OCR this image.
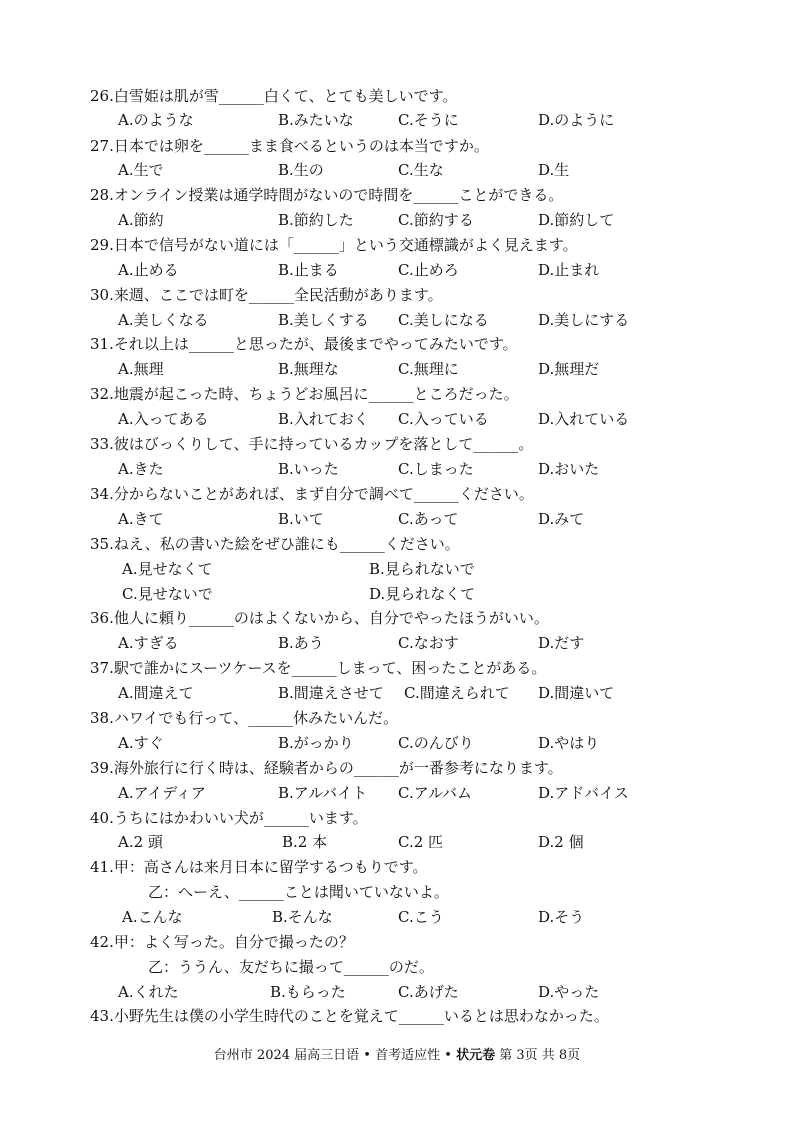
26.白雪姫は肌が雪______白くて、とても美しいです。
A.のような	B.みたいな	C.そうに	D.のように
27.日本では卵を______まま食べるというのは本当ですか。
A.生で	B.生の	C.生な	D.生
28.オンライン授業は通学時間がないので時間を______ことができる。
A.節約	B.節約した	C.節約する	D.節約して
29.日本で信号がない道には「______」という交通標識がよく見えます。
A.止める	B.止まる	C.止めろ	D.止まれ
30.来週、ここでは町を______全民活動があります。
A.美しくなる	B.美しくする C.美しになる	D.美しにする
31.それ以上は______と思ったが、最後までやってみたいです。
A.無理	B.無理な	C.無理に	D.無理だ
32.地震が起こった時、ちょうどお風呂に______ところだった。
A.入ってある	B.入れておく C.入っている	D.入れている
33.彼はびっくりして、手に持っているカップを落として______。
A.きた	B.いった	C.しまった	D.おいた
34.分からないことがあれば、まず自分で調べて______ください。
A.きて	B.いて	C.あって	D.みて
35.ねえ、私の書いた絵をぜひ誰にも______ください。
A.見せなくて	B.見られないで
C.見せないで	D.見られなくて
36.他人に頼り______のはよくないから、自分でやったほうがいい。
A.すぎる	B.あう	C.なおす	D.だす
37.駅で誰かにスーツケースを______しまって、困ったことがある。
A.間違えて	B.間違えさせて C.間違えられて D.間違いて
38.ハワイでも行って、______休みたいんだ。
A.すぐ	B.がっかり	C.のんびり	D.やはり
39.海外旅行に行く時は、経験者からの______が一番参考になります。
A.アイディア	B.アルバイト C.アルバム	D.アドバイス
40.うちにはかわいい犬が______います。
A.2 頭	B.2 本	C.2 匹	D.2 個
41.甲：高さんは来月日本に留学するつもりです。
乙：へーえ、______ことは聞いていないよ。
A.こんな	B.そんな	C.こう	D.そう
42.甲：よく写った。自分で撮ったの？
乙：ううん、友だちに撮って______のだ。
A.くれた	B.もらった	C.あげた	D.やった
43.小野先生は僕の小学生時代のことを覚えて______いるとは思わなかった。
台州市 2024 届高三日语 • 首考适应性 • 状元卷 第 3页 共 8页
